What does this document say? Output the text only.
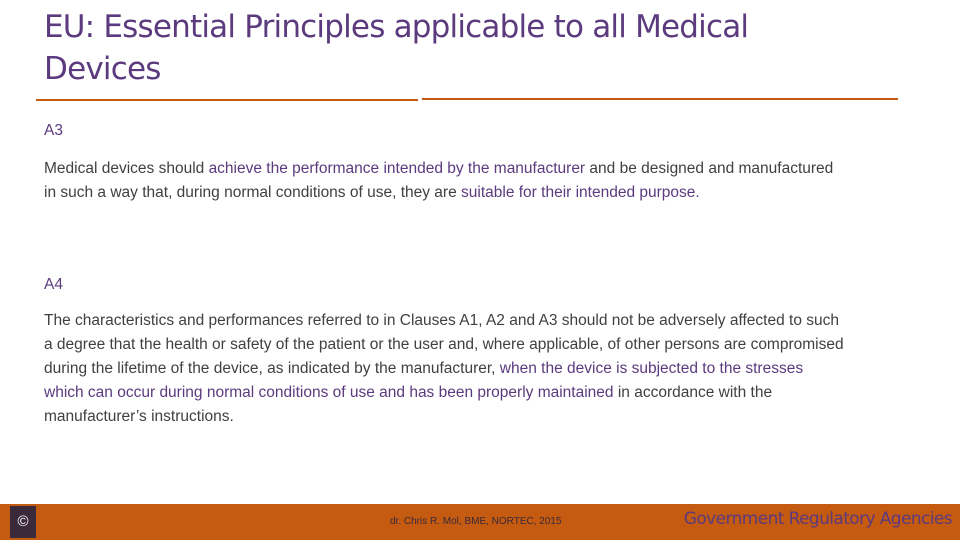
EU: Essential Principles applicable to all Medical
Devices
A3
Medical devices should achieve the performance intended by the manufacturer and be designed and manufactured in such a way that, during normal conditions of use, they are suitable for their intended purpose.
A4
The characteristics and performances referred to in Clauses A1, A2 and A3 should not be adversely affected to such a degree that the health or safety of the patient or the user and, where applicable, of other persons are compromised during the lifetime of the device, as indicated by the manufacturer, when the device is subjected to the stresses which can occur during normal conditions of use and has been properly maintained in accordance with the manufacturer’s instructions.
©	dr. Chris R. Mol, BME, NORTEC, 2015	Government Regulatory Agencies
